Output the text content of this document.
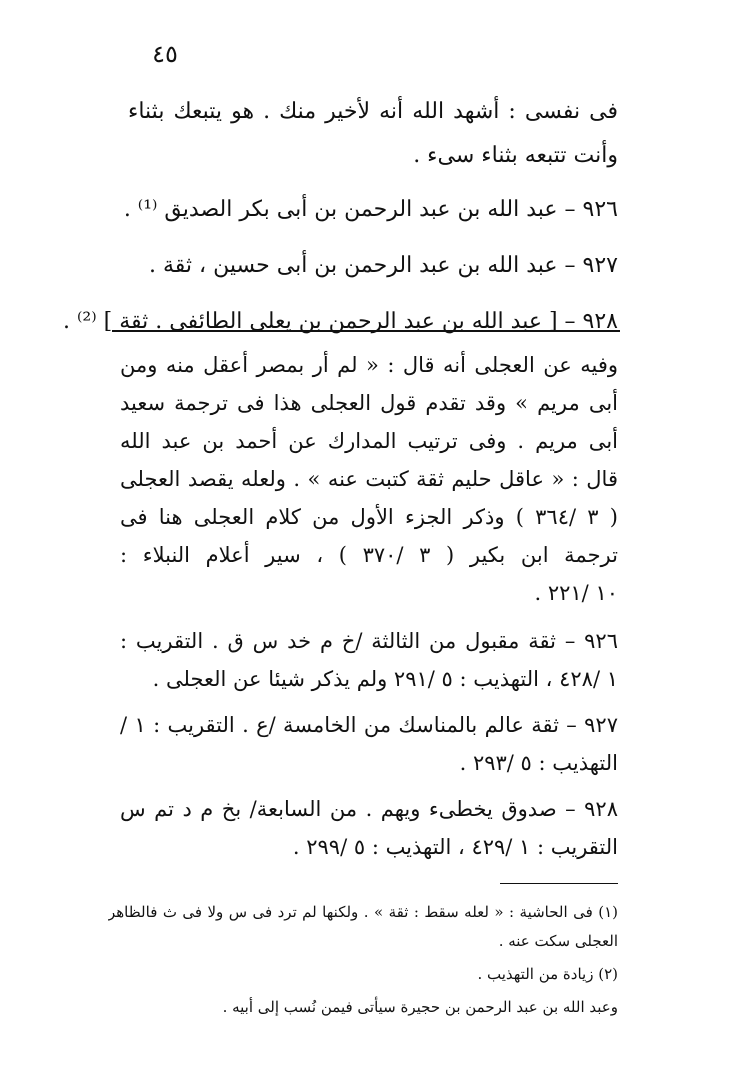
٤٥
فى نفسى : أشهد الله أنه لأخير منك . هو يتبعك بثناء
وأنت تتبعه بثناء سىء .
٩٢٦ – عبد الله بن عبد الرحمن بن أبى بكر الصديق ⁽¹⁾ .
٩٢٧ – عبد الله بن عبد الرحمن بن أبى حسين ، ثقة .
٩٢٨ – [ عبد الله بن عبد الرحمن بن يعلى الطائفى . ثقة ] ⁽²⁾ .
وفيه عن العجلى أنه قال : « لم أر بمصر أعقل منه ومن
أبى مريم » وقد تقدم قول العجلى هذا فى ترجمة سعيد
أبى مريم . وفى ترتيب المدارك عن أحمد بن عبد الله
قال : « عاقل حليم ثقة كتبت عنه » . ولعله يقصد العجلى
( ٣ /٣٦٤ ) وذكر الجزء الأول من كلام العجلى هنا فى
ترجمة ابن بكير ( ٣ /٣٧٠ ) ، سير أعلام النبلاء :
١٠ /٢٢١ .
٩٢٦ – ثقة مقبول من الثالثة /خ م خد س ق . التقريب :
١ /٤٢٨ ، التهذيب : ٥ /٢٩١ ولم يذكر شيئا عن العجلى .
٩٢٧ – ثقة عالم بالمناسك من الخامسة /ع . التقريب : ١ /
التهذيب : ٥ /٢٩٣ .
٩٢٨ – صدوق يخطىء ويهم . من السابعة/ بخ م د تم س
التقريب : ١ /٤٢٩ ، التهذيب : ٥ /٢٩٩ .
(١) فى الحاشية : « لعله سقط : ثقة » . ولكنها لم ترد فى س ولا فى ث فالظاهر
العجلى سكت عنه .
(٢) زيادة من التهذيب .
وعبد الله بن عبد الرحمن بن حجيرة سيأتى فيمن نُسب إلى أبيه .
